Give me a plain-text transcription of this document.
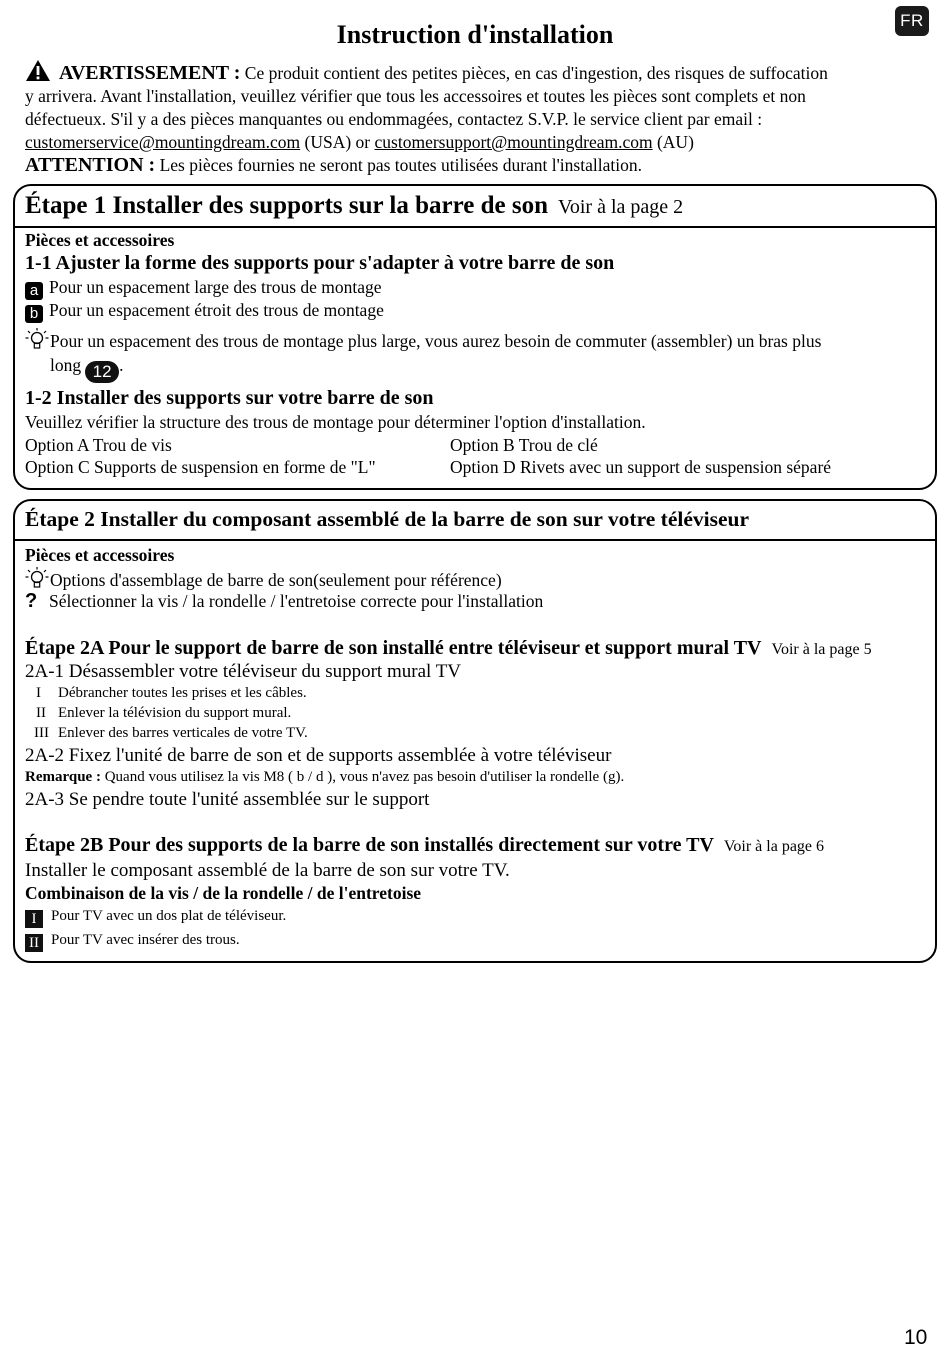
Instruction d'installation	FR
AVERTISSEMENT : Ce produit contient des petites pièces, en cas d'ingestion, des risques de suffocation
y arrivera. Avant l'installation, veuillez vérifier que tous les accessoires et toutes les pièces sont complets et non
défectueux. S'il y a des pièces manquantes ou endommagées, contactez S.V.P. le service client par email :
customerservice@mountingdream.com (USA) or customersupport@mountingdream.com (AU)
ATTENTION : Les pièces fournies ne seront pas toutes utilisées durant l'installation.
Étape 1 Installer des supports sur la barre de son Voir à la page 2
Pièces et accessoires
1-1 Ajuster la forme des supports pour s'adapter à votre barre de son
a Pour un espacement large des trous de montage
b Pour un espacement étroit des trous de montage
Pour un espacement des trous de montage plus large, vous aurez besoin de commuter (assembler) un bras plus
long 12 .
1-2 Installer des supports sur votre barre de son
Veuillez vérifier la structure des trous de montage pour déterminer l'option d'installation.
Option A Trou de vis	Option B Trou de clé
Option C Supports de suspension en forme de "L"	Option D Rivets avec un support de suspension séparé
Étape 2 Installer du composant assemblé de la barre de son sur votre téléviseur
Pièces et accessoires
Options d'assemblage de barre de son(seulement pour référence)
? Sélectionner la vis / la rondelle / l'entretoise correcte pour l'installation
Étape 2A Pour le support de barre de son installé entre téléviseur et support mural TV Voir à la page 5
2A-1 Désassembler votre téléviseur du support mural TV
I Débrancher toutes les prises et les câbles.
II Enlever la télévision du support mural.
III Enlever des barres verticales de votre TV.
2A-2 Fixez l'unité de barre de son et de supports assemblée à votre téléviseur
Remarque : Quand vous utilisez la vis M8 ( b / d ), vous n'avez pas besoin d'utiliser la rondelle (g).
2A-3 Se pendre toute l'unité assemblée sur le support
Étape 2B Pour des supports de la barre de son installés directement sur votre TV Voir à la page 6
Installer le composant assemblé de la barre de son sur votre TV.
Combinaison de la vis / de la rondelle / de l'entretoise
I Pour TV avec un dos plat de téléviseur.
II Pour TV avec insérer des trous.
10
